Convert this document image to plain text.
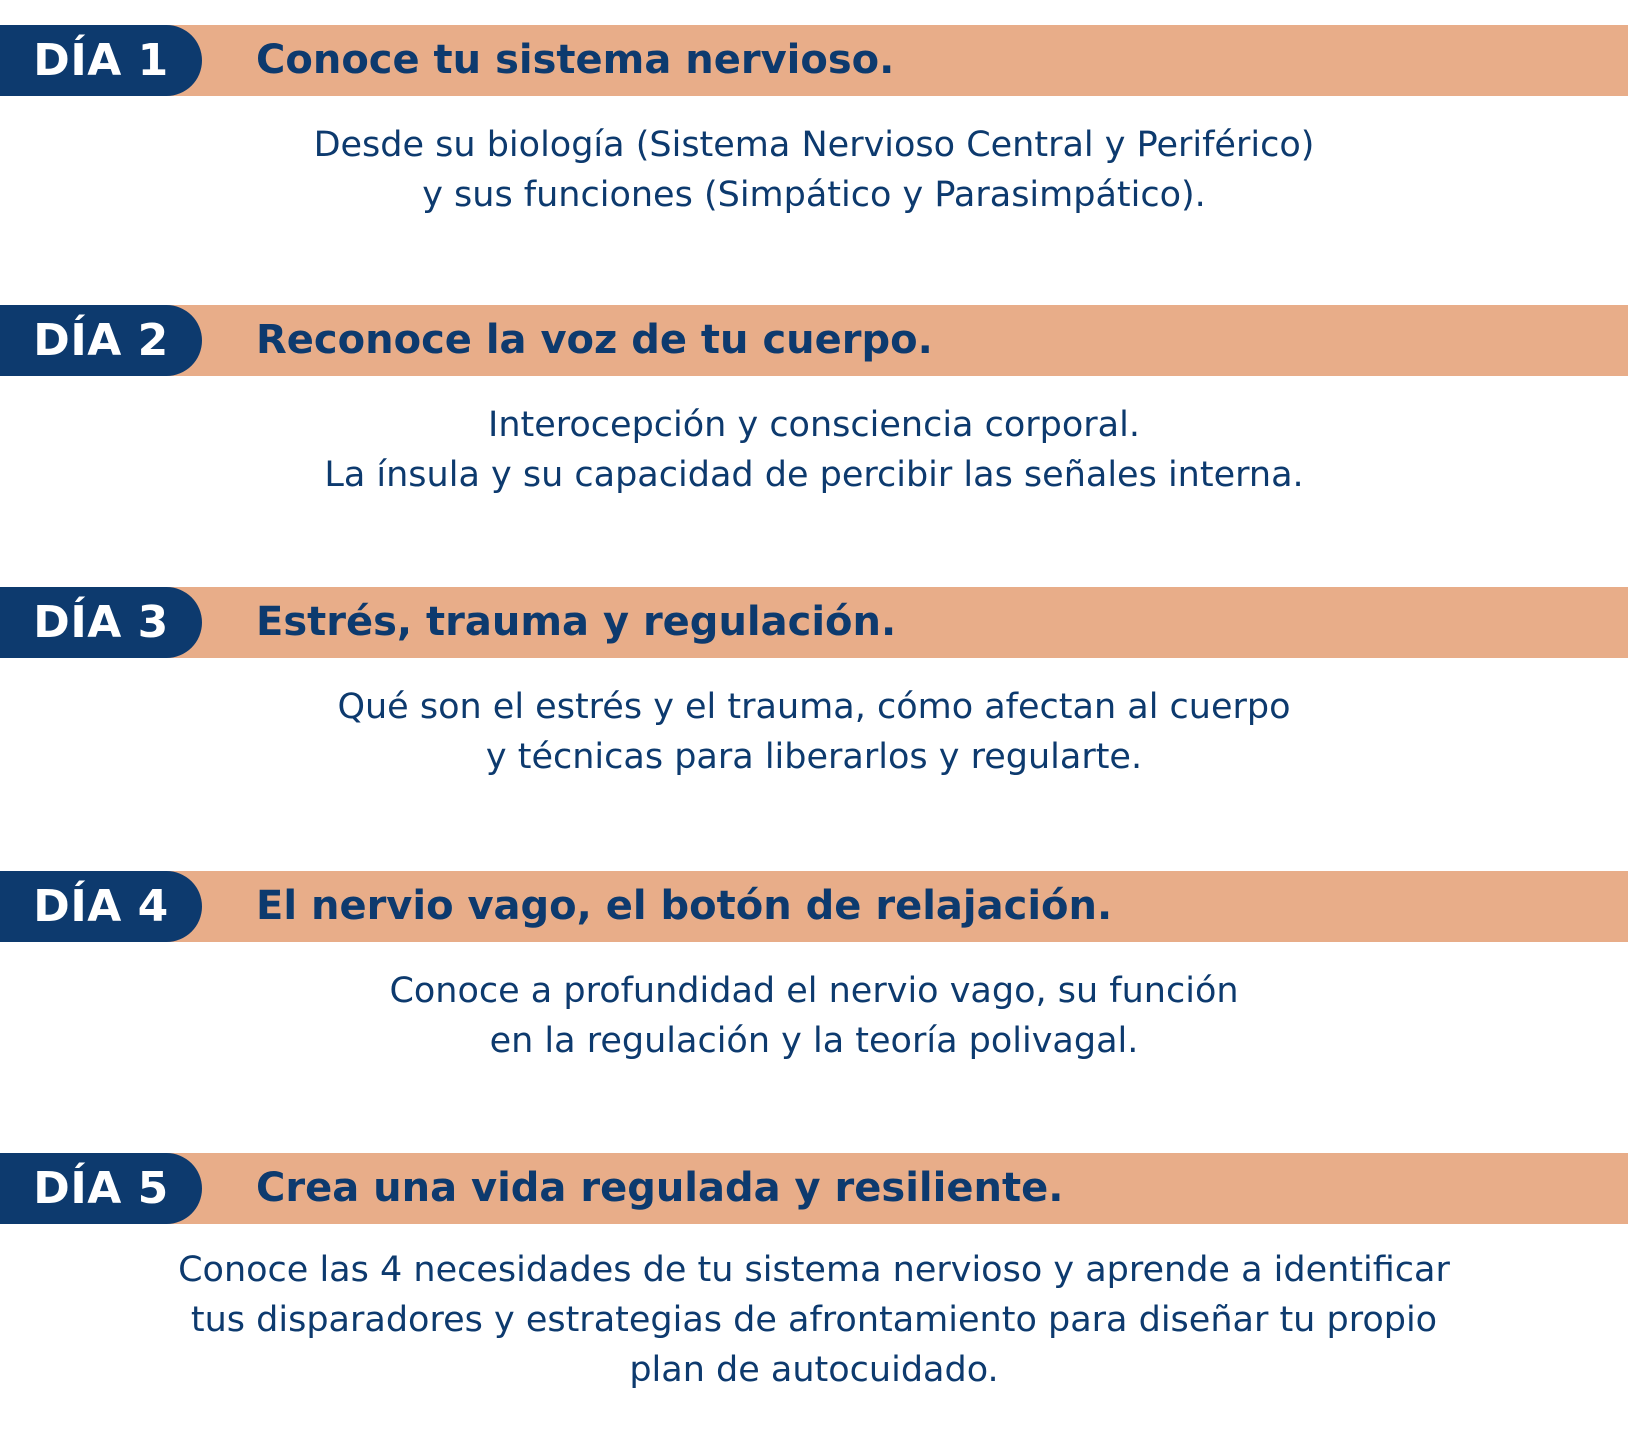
DÍA 1	Conoce tu sistema nervioso.
Desde su biología (Sistema Nervioso Central y Periférico)
y sus funciones (Simpático y Parasimpático).
DÍA 2	Reconoce la voz de tu cuerpo.
Interocepción y consciencia corporal.
La ínsula y su capacidad de percibir las señales interna.
DÍA 3	Estrés, trauma y regulación.
Qué son el estrés y el trauma, cómo afectan al cuerpo
y técnicas para liberarlos y regularte.
DÍA 4	El nervio vago, el botón de relajación.
Conoce a profundidad el nervio vago, su función
en la regulación y la teoría polivagal.
DÍA 5	Crea una vida regulada y resiliente.
Conoce las 4 necesidades de tu sistema nervioso y aprende a identificar
tus disparadores y estrategias de afrontamiento para diseñar tu propio
plan de autocuidado.
